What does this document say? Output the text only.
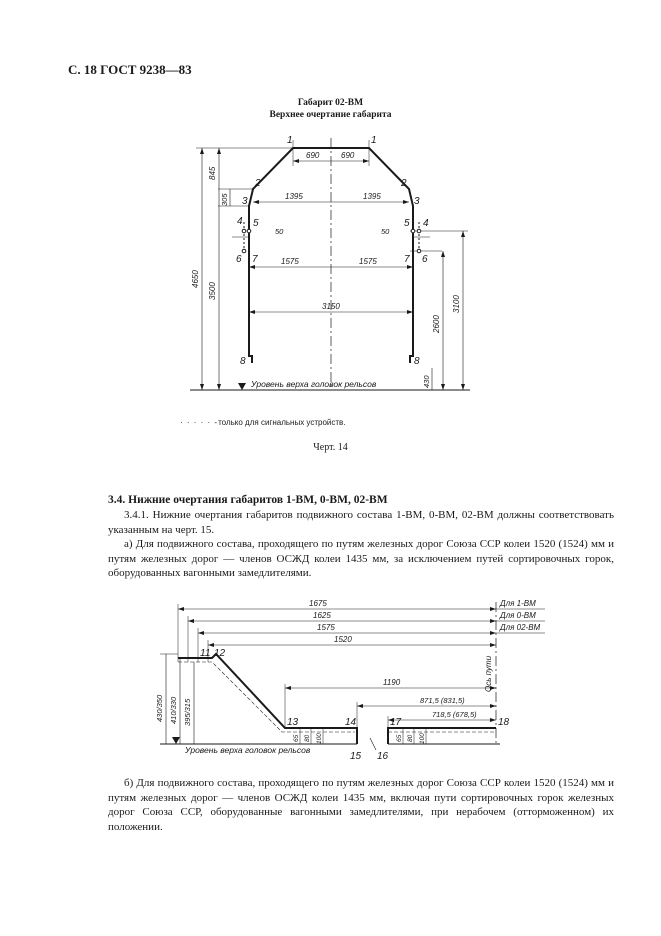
С. 18 ГОСТ 9238—83
Габарит 02-ВМ
Верхнее очертание габарита
1	1
2	2
3	3
4	4
5	5
6	6
7	7
8	8
690	690
1395	1395
50	50
1575	1575
3150
845
305
4650
3500
2600
3100
430
Уровень верха головок рельсов
· · · · · -только для сигнальных устройств.
Черт. 14
3.4. Нижние очертания габаритов 1-ВМ, 0-ВМ, 02-ВМ
3.4.1. Нижние очертания габаритов подвижного состава 1-ВМ, 0-ВМ, 02-ВМ должны соответствовать указанным на черт. 15.
а) Для подвижного состава, проходящего по путям железных дорог Союза ССР колеи 1520 (1524) мм и путям железных дорог — членов ОСЖД колеи 1435 мм, за исключением путей сортировочных горок, оборудованных вагонными замедлителями.
1675
1625
1575
1520
1190
871,5 (831,5)
718,5 (678,5)
Для 1-ВМ
Для 0-ВМ
Для 02-ВМ
Ось пути
430/350 410/330 395/315
65 80 100	65 80 100
11 12
13	14
15 16
17	18
Уровень верха головок рельсов
б) Для подвижного состава, проходящего по путям железных дорог Союза ССР колеи 1520 (1524) мм и путям железных дорог — членов ОСЖД колеи 1435 мм, включая пути сортировочных горок железных дорог Союза ССР, оборудованные вагонными замедлителями, при нерабочем (отторможенном) их положении.
